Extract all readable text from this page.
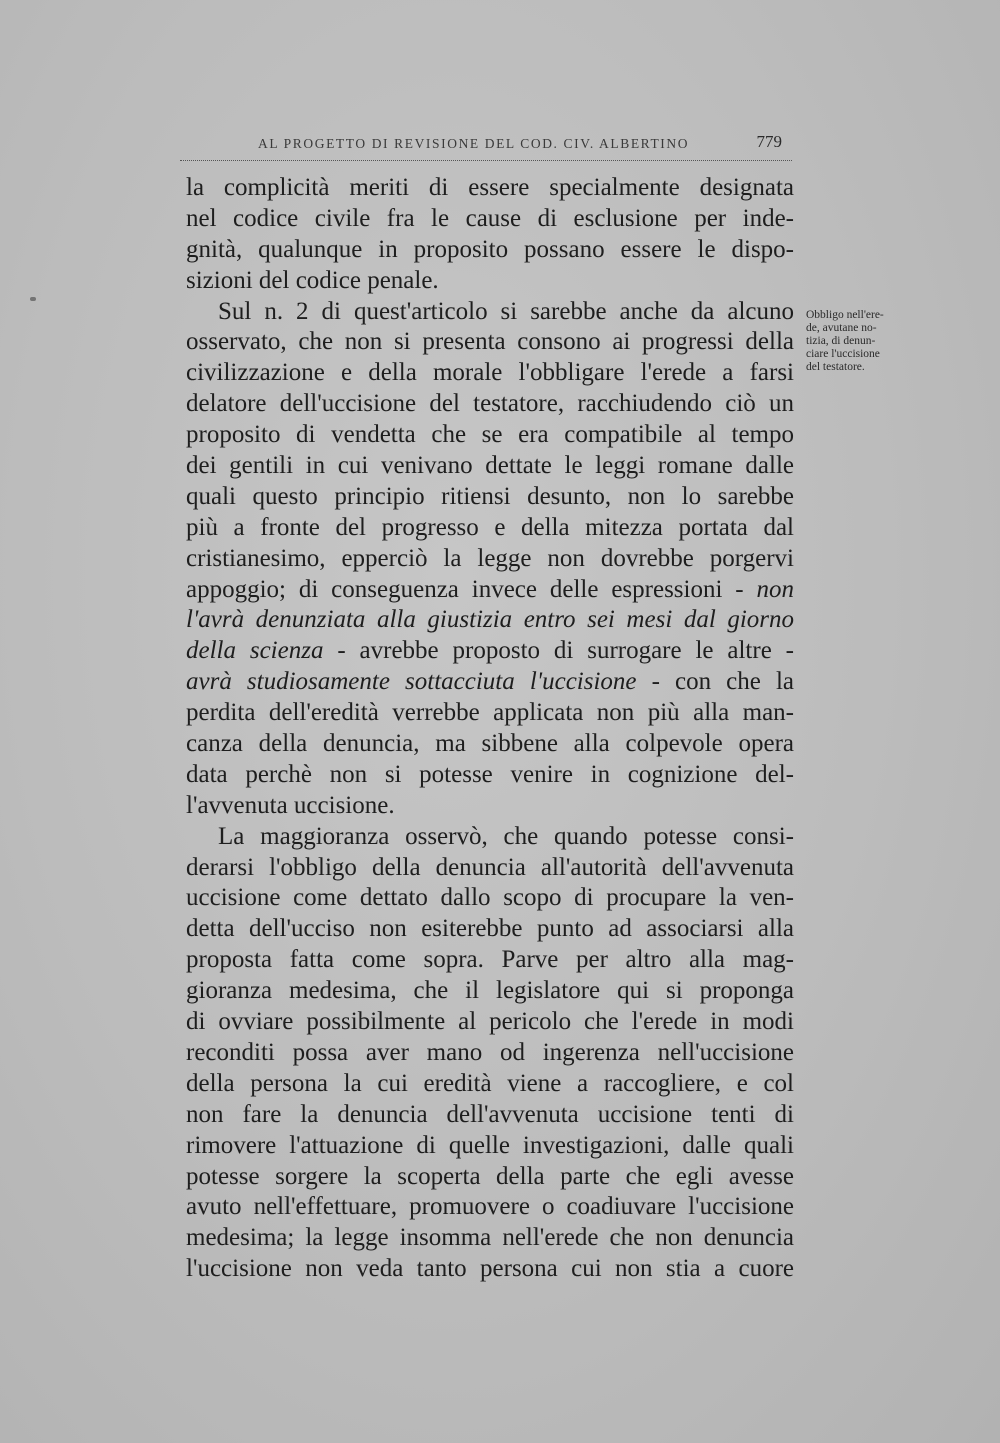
AL PROGETTO DI REVISIONE DEL COD. CIV. ALBERTINO	779
Obbligo nell'ere-
de, avutane no-
tizia, di denun-
ciare l'uccisione
del testatore.
la complicità meriti di essere specialmente designata
nel codice civile fra le cause di esclusione per inde-
gnità, qualunque in proposito possano essere le dispo-
sizioni del codice penale.
Sul n. 2 di quest'articolo si sarebbe anche da alcuno
osservato, che non si presenta consono ai progressi della
civilizzazione e della morale l'obbligare l'erede a farsi
delatore dell'uccisione del testatore, racchiudendo ciò un
proposito di vendetta che se era compatibile al tempo
dei gentili in cui venivano dettate le leggi romane dalle
quali questo principio ritiensi desunto, non lo sarebbe
più a fronte del progresso e della mitezza portata dal
cristianesimo, epperciò la legge non dovrebbe porgervi
appoggio; di conseguenza invece delle espressioni - non
l'avrà denunziata alla giustizia entro sei mesi dal giorno
della scienza - avrebbe proposto di surrogare le altre -
avrà studiosamente sottacciuta l'uccisione - con che la
perdita dell'eredità verrebbe applicata non più alla man-
canza della denuncia, ma sibbene alla colpevole opera
data perchè non si potesse venire in cognizione del-
l'avvenuta uccisione.
La maggioranza osservò, che quando potesse consi-
derarsi l'obbligo della denuncia all'autorità dell'avvenuta
uccisione come dettato dallo scopo di procupare la ven-
detta dell'ucciso non esiterebbe punto ad associarsi alla
proposta fatta come sopra. Parve per altro alla mag-
gioranza medesima, che il legislatore qui si proponga
di ovviare possibilmente al pericolo che l'erede in modi
reconditi possa aver mano od ingerenza nell'uccisione
della persona la cui eredità viene a raccogliere, e col
non fare la denuncia dell'avvenuta uccisione tenti di
rimovere l'attuazione di quelle investigazioni, dalle quali
potesse sorgere la scoperta della parte che egli avesse
avuto nell'effettuare, promuovere o coadiuvare l'uccisione
medesima; la legge insomma nell'erede che non denuncia
l'uccisione non veda tanto persona cui non stia a cuore
